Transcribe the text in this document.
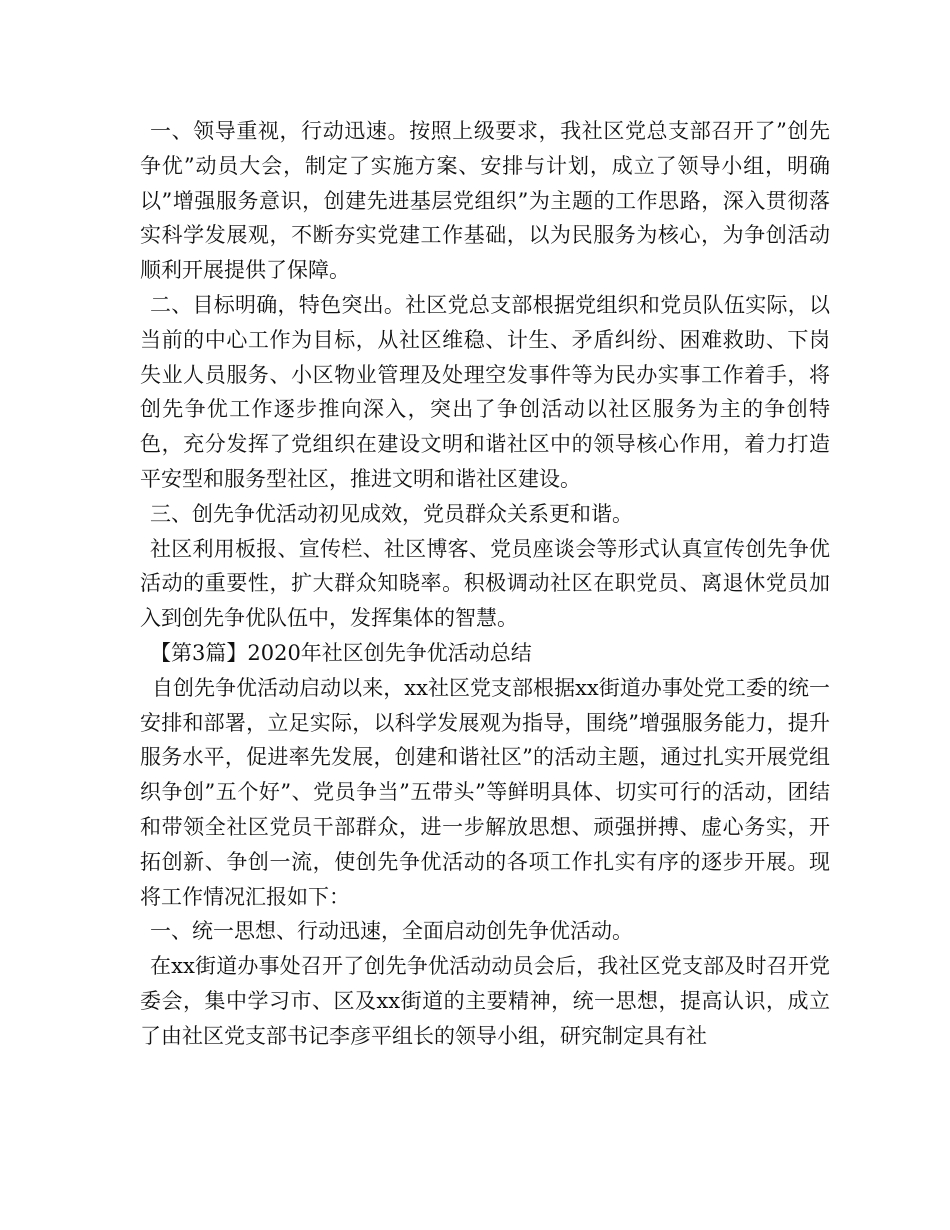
一、领导重视，行动迅速。按照上级要求，我社区党总支部召开了”创先争优”动员大会，制定了实施方案、安排与计划，成立了领导小组，明确以”增强服务意识，创建先进基层党组织”为主题的工作思路，深入贯彻落实科学发展观，不断夯实党建工作基础，以为民服务为核心，为争创活动顺利开展提供了保障。

二、目标明确，特色突出。社区党总支部根据党组织和党员队伍实际，以当前的中心工作为目标，从社区维稳、计生、矛盾纠纷、困难救助、下岗失业人员服务、小区物业管理及处理空发事件等为民办实事工作着手，将创先争优工作逐步推向深入，突出了争创活动以社区服务为主的争创特色，充分发挥了党组织在建设文明和谐社区中的领导核心作用，着力打造平安型和服务型社区，推进文明和谐社区建设。

三、创先争优活动初见成效，党员群众关系更和谐。

社区利用板报、宣传栏、社区博客、党员座谈会等形式认真宣传创先争优活动的重要性，扩大群众知晓率。积极调动社区在职党员、离退休党员加入到创先争优队伍中，发挥集体的智慧。

【第3篇】2020年社区创先争优活动总结

自创先争优活动启动以来，xx社区党支部根据xx街道办事处党工委的统一安排和部署，立足实际，以科学发展观为指导，围绕”增强服务能力，提升服务水平，促进率先发展，创建和谐社区”的活动主题，通过扎实开展党组织争创”五个好”、党员争当”五带头”等鲜明具体、切实可行的活动，团结和带领全社区党员干部群众，进一步解放思想、顽强拼搏、虚心务实，开拓创新、争创一流，使创先争优活动的各项工作扎实有序的逐步开展。现将工作情况汇报如下：

一、统一思想、行动迅速，全面启动创先争优活动。

在xx街道办事处召开了创先争优活动动员会后，我社区党支部及时召开党委会，集中学习市、区及xx街道的主要精神，统一思想，提高认识，成立了由社区党支部书记李彦平组长的领导小组，研究制定具有社
